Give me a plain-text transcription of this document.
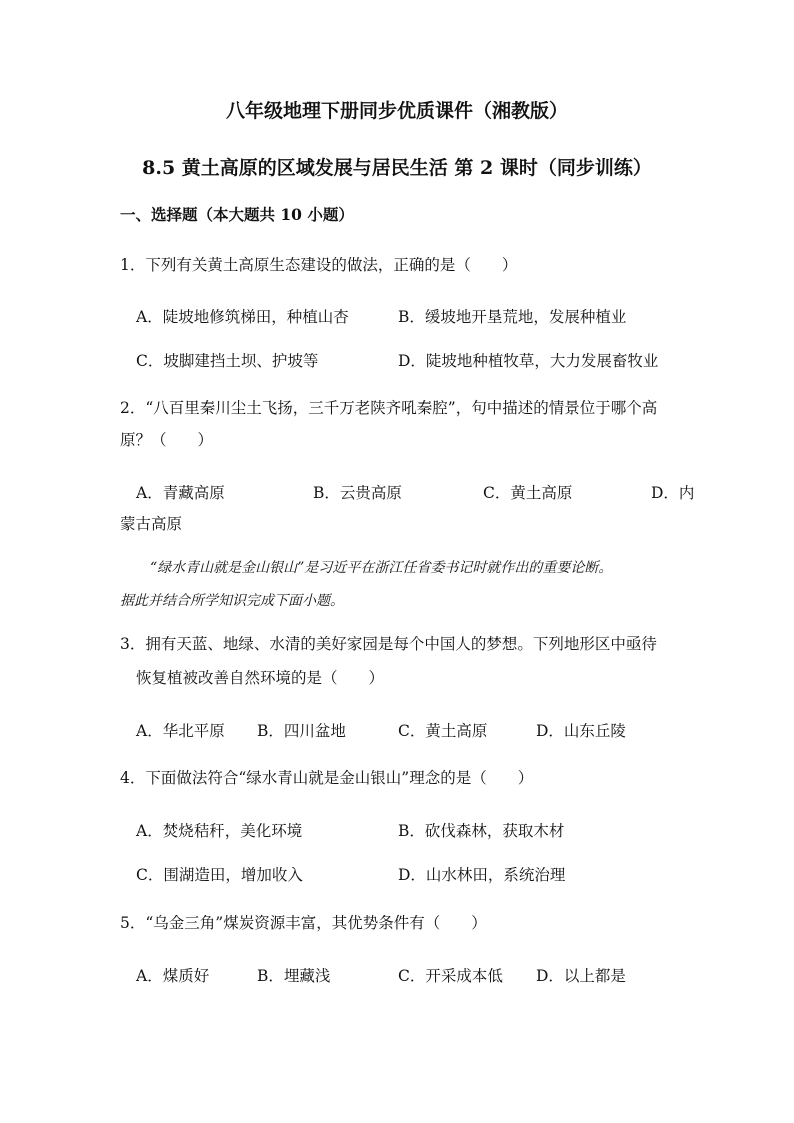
八年级地理下册同步优质课件（湘教版）
8.5 黄土高原的区域发展与居民生活 第 2 课时（同步训练）
一、选择题（本大题共 10 小题）
1．下列有关黄土高原生态建设的做法，正确的是（　　）
A．陡坡地修筑梯田，种植山杏	B．缓坡地开垦荒地，发展种植业
C．坡脚建挡土坝、护坡等	D．陡坡地种植牧草，大力发展畜牧业
2．“八百里秦川尘土飞扬，三千万老陕齐吼秦腔”，句中描述的情景位于哪个高
原？（　　）
A．青藏高原	B．云贵高原	C．黄土高原	D．内
蒙古高原
“绿水青山就是金山银山”是习近平在浙江任省委书记时就作出的重要论断。
据此并结合所学知识完成下面小题。
3．拥有天蓝、地绿、水清的美好家园是每个中国人的梦想。下列地形区中亟待
恢复植被改善自然环境的是（　　）
A．华北平原 B．四川盆地	C．黄土高原	D．山东丘陵
4．下面做法符合“绿水青山就是金山银山”理念的是（　　）
A．焚烧秸秆，美化环境	B．砍伐森林，获取木材
C．围湖造田，增加收入	D．山水林田，系统治理
5．“乌金三角”煤炭资源丰富，其优势条件有（　　）
A．煤质好	B．埋藏浅	C．开采成本低 D．以上都是
